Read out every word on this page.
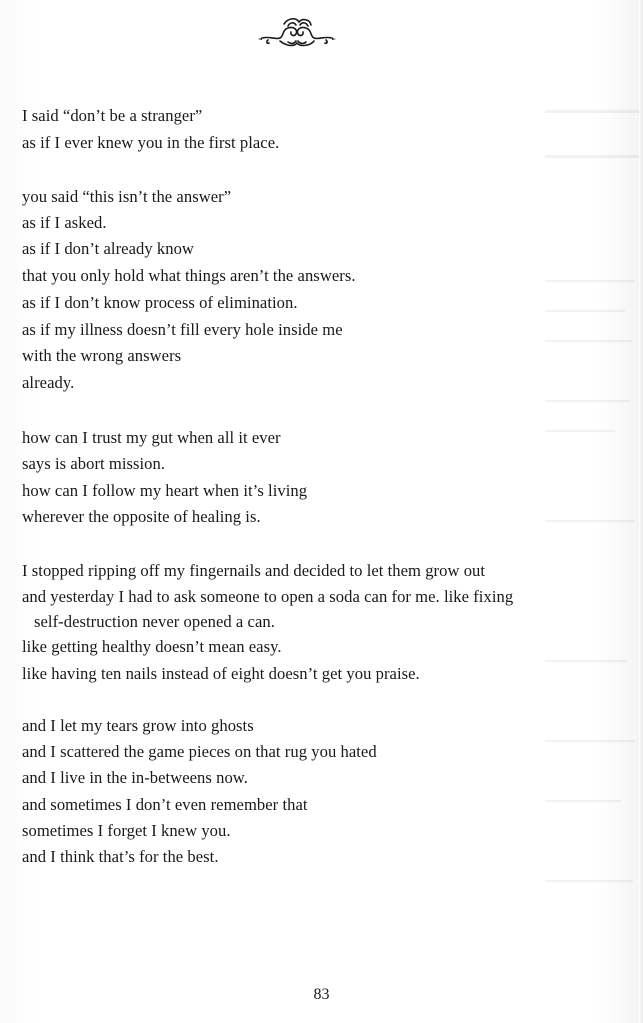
I said “don’t be a stranger”
as if I ever knew you in the first place.
you said “this isn’t the answer”
as if I asked.
as if I don’t already know
that you only hold what things aren’t the answers.
as if I don’t know process of elimination.
as if my illness doesn’t fill every hole inside me
with the wrong answers
already.
how can I trust my gut when all it ever
says is abort mission.
how can I follow my heart when it’s living
wherever the opposite of healing is.
I stopped ripping off my fingernails and decided to let them grow out
and yesterday I had to ask someone to open a soda can for me. like fixing
self-destruction never opened a can.
like getting healthy doesn’t mean easy.
like having ten nails instead of eight doesn’t get you praise.
and I let my tears grow into ghosts
and I scattered the game pieces on that rug you hated
and I live in the in-betweens now.
and sometimes I don’t even remember that
sometimes I forget I knew you.
and I think that’s for the best.
83
